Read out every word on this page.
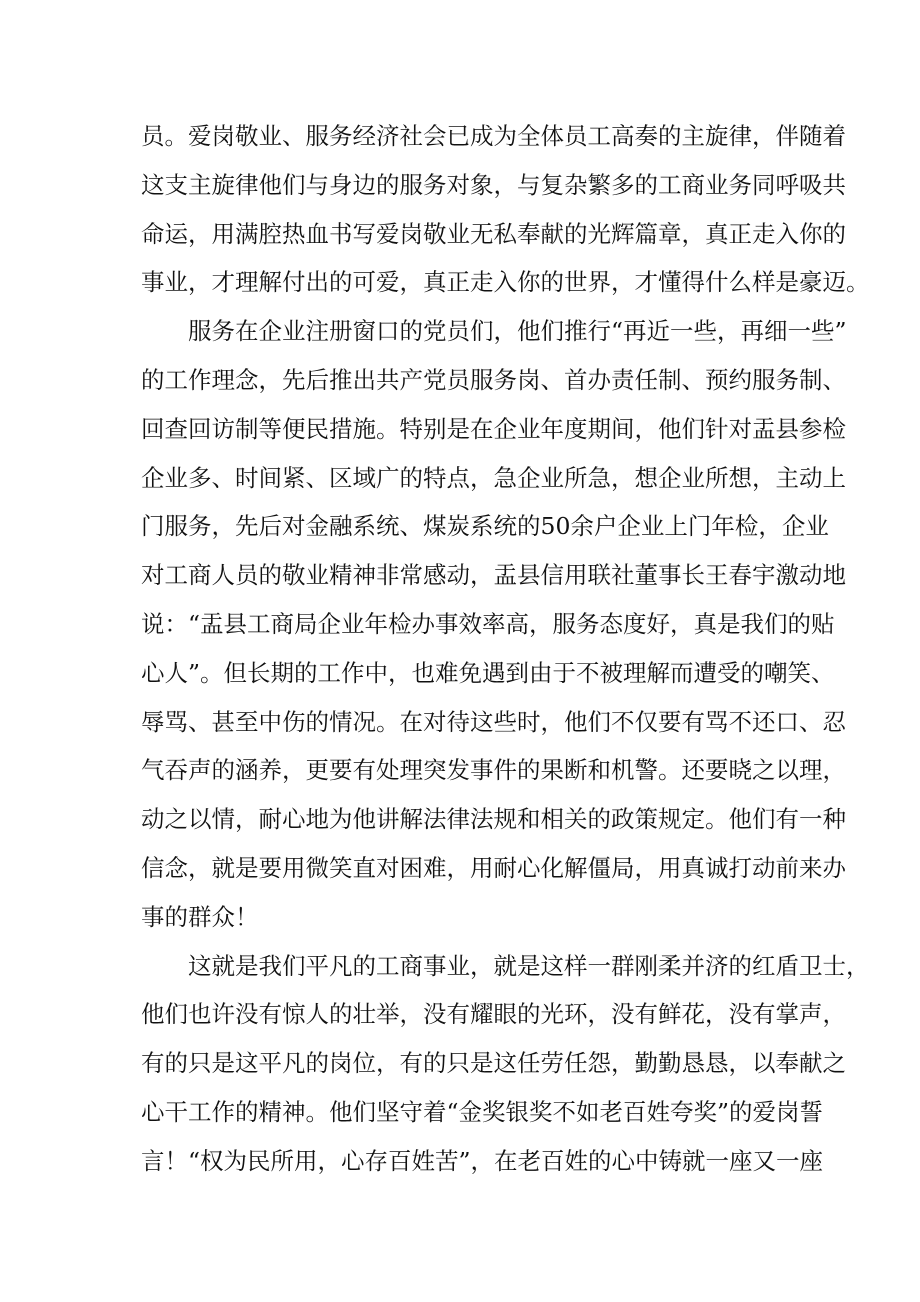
员。爱岗敬业、服务经济社会已成为全体员工高奏的主旋律，伴随着
这支主旋律他们与身边的服务对象，与复杂繁多的工商业务同呼吸共
命运，用满腔热血书写爱岗敬业无私奉献的光辉篇章，真正走入你的
事业，才理解付出的可爱，真正走入你的世界，才懂得什么样是豪迈。
服务在企业注册窗口的党员们，他们推行“再近一些，再细一些”
的工作理念，先后推出共产党员服务岗、首办责任制、预约服务制、
回查回访制等便民措施。特别是在企业年度期间，他们针对盂县参检
企业多、时间紧、区域广的特点，急企业所急，想企业所想，主动上
门服务，先后对金融系统、煤炭系统的50余户企业上门年检，企业
对工商人员的敬业精神非常感动，盂县信用联社董事长王春宇激动地
说：“盂县工商局企业年检办事效率高，服务态度好，真是我们的贴
心人”。但长期的工作中，也难免遇到由于不被理解而遭受的嘲笑、
辱骂、甚至中伤的情况。在对待这些时，他们不仅要有骂不还口、忍
气吞声的涵养，更要有处理突发事件的果断和机警。还要晓之以理，
动之以情，耐心地为他讲解法律法规和相关的政策规定。他们有一种
信念，就是要用微笑直对困难，用耐心化解僵局，用真诚打动前来办
事的群众！
这就是我们平凡的工商事业，就是这样一群刚柔并济的红盾卫士，
他们也许没有惊人的壮举，没有耀眼的光环，没有鲜花，没有掌声，
有的只是这平凡的岗位，有的只是这任劳任怨，勤勤恳恳，以奉献之
心干工作的精神。他们坚守着“金奖银奖不如老百姓夸奖”的爱岗誓
言！“权为民所用，心存百姓苦”，在老百姓的心中铸就一座又一座
